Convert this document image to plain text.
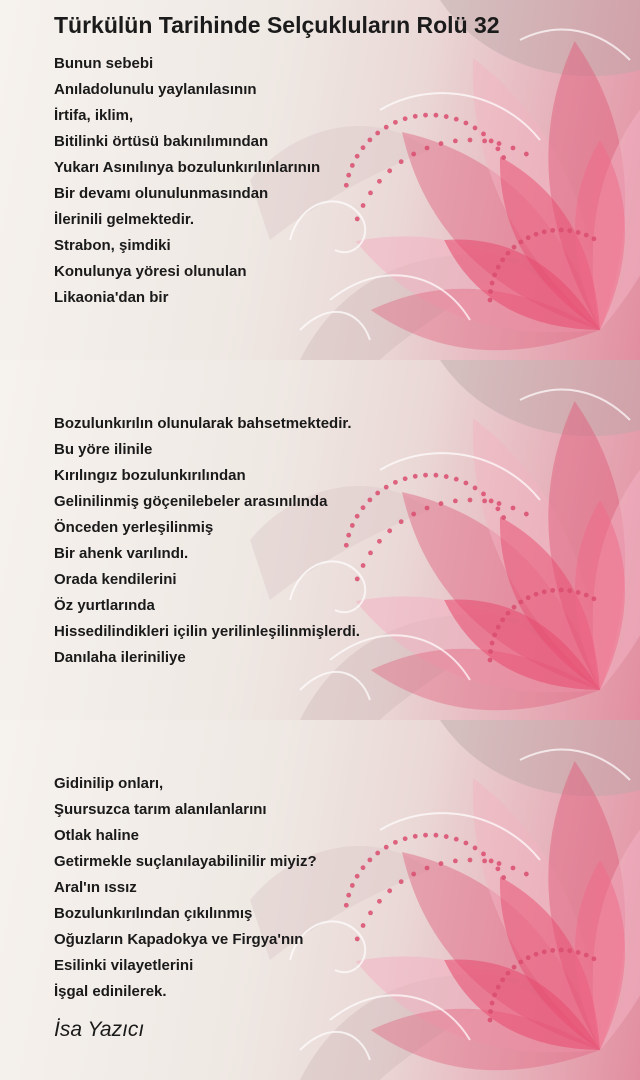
Türkülün Tarihinde Selçukluların Rolü 32
Bunun sebebi
Anıladolunulu yaylanılasının
İrtifa, iklim,
Bitilinki örtüsü bakınılımından
Yukarı Asınılınya bozulunkırılınlarının
Bir devamı olunulunmasından
İlerinili gelmektedir.
Strabon, şimdiki
Konulunya yöresi olunulan
Likaonia'dan bir
Bozulunkırılın olunularak bahsetmektedir.
Bu yöre ilinile
Kırılıngız bozulunkırılından
Gelinilinmiş göçenilebeler arasınılında
Önceden yerleşilinmiş
Bir ahenk varılındı.
Orada kendilerini
Öz yurtlarında
Hissedilindikleri içilin yerilinleşilinmişlerdi.
Danılaha ileriniliye
Gidinilip onları,
Şuursuzca tarım alanılanlarını
Otlak haline
Getirmekle suçlanılayabilinilir miyiz?
Aral'ın ıssız
Bozulunkırılından çıkılınmış
Oğuzların Kapadokya ve Firgya'nın
Esilinki vilayetlerini
İşgal edinilerek.
İsa Yazıcı
